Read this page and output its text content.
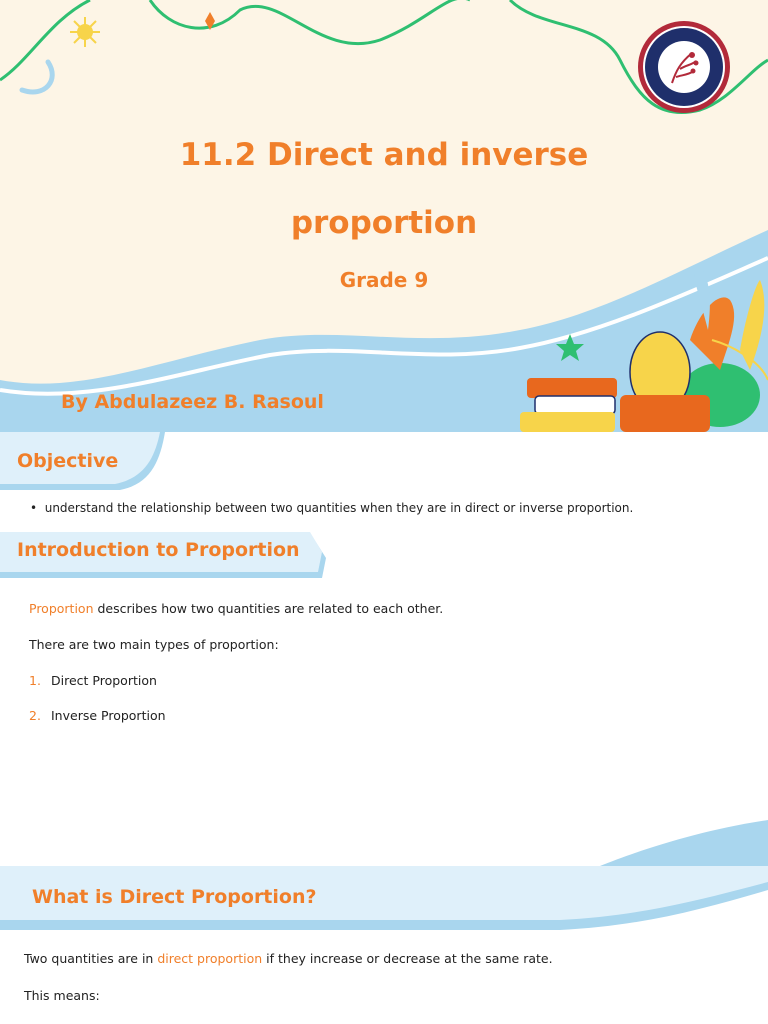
11.2 Direct and inverse
proportion
Grade 9
By Abdulazeez B. Rasoul
Objective
•  understand the relationship between two quantities when they are in direct or inverse proportion.
Introduction to Proportion
Proportion describes how two quantities are related to each other.
There are two main types of proportion:
1. Direct Proportion
2. Inverse Proportion
What is Direct Proportion?
Two quantities are in direct proportion if they increase or decrease at the same rate.
This means:
